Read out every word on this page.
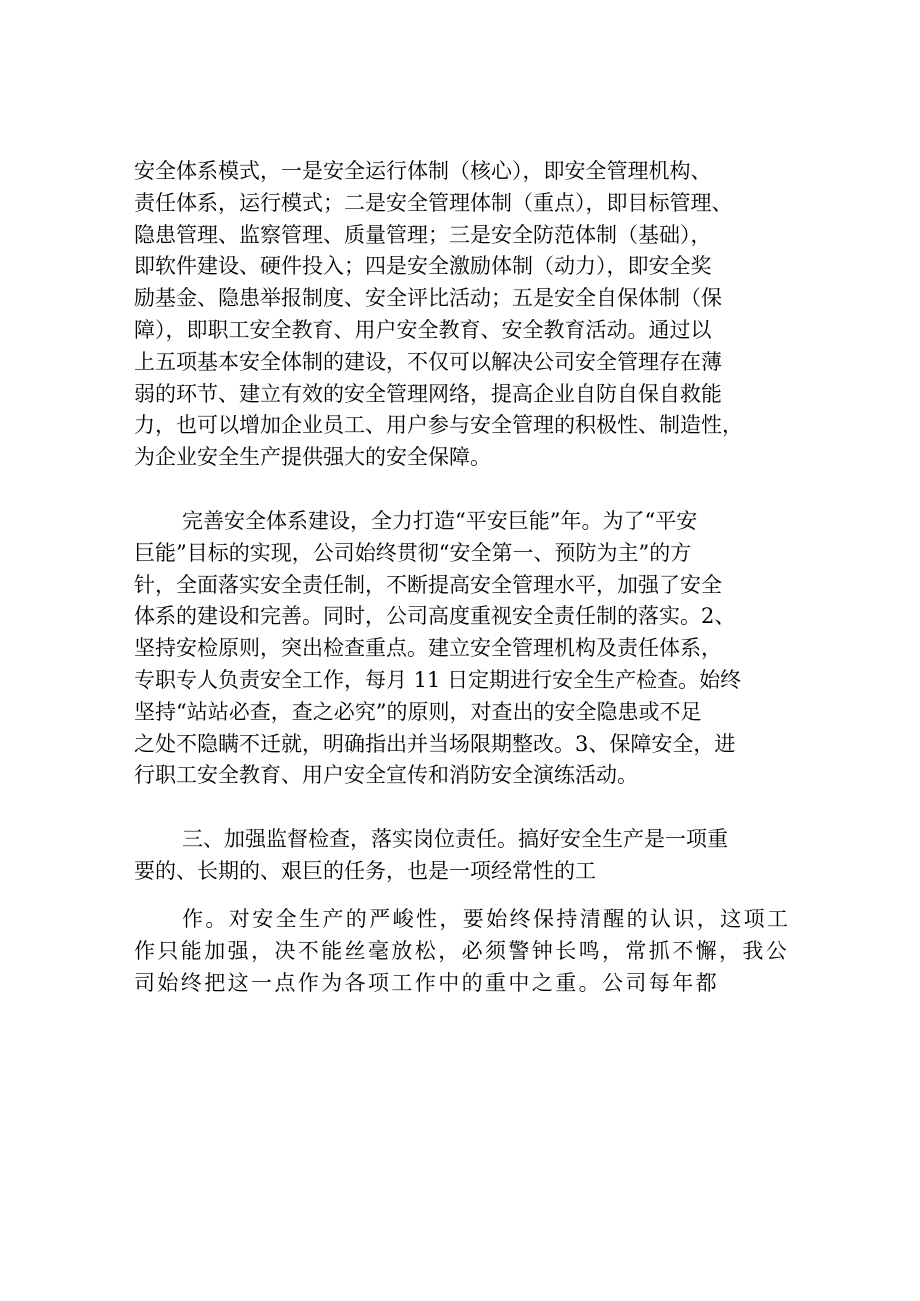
安全体系模式，一是安全运行体制（核心），即安全管理机构、
责任体系，运行模式；二是安全管理体制（重点），即目标管理、
隐患管理、监察管理、质量管理；三是安全防范体制（基础），
即软件建设、硬件投入；四是安全激励体制（动力），即安全奖
励基金、隐患举报制度、安全评比活动；五是安全自保体制（保
障），即职工安全教育、用户安全教育、安全教育活动。通过以
上五项基本安全体制的建设，不仅可以解决公司安全管理存在薄
弱的环节、建立有效的安全管理网络，提高企业自防自保自救能
力，也可以增加企业员工、用户参与安全管理的积极性、制造性，
为企业安全生产提供强大的安全保障。

完善安全体系建设，全力打造“平安巨能”年。为了“平安
巨能”目标的实现，公司始终贯彻“安全第一、预防为主”的方
针，全面落实安全责任制，不断提高安全管理水平，加强了安全
体系的建设和完善。同时，公司高度重视安全责任制的落实。2、
坚持安检原则，突出检查重点。建立安全管理机构及责任体系，
专职专人负责安全工作，每月 11 日定期进行安全生产检查。始终
坚持“站站必查，查之必究”的原则，对查出的安全隐患或不足
之处不隐瞒不迁就，明确指出并当场限期整改。3、保障安全，进
行职工安全教育、用户安全宣传和消防安全演练活动。

三、加强监督检查，落实岗位责任。搞好安全生产是一项重
要的、长期的、艰巨的任务，也是一项经常性的工

作。对安全生产的严峻性，要始终保持清醒的认识，这项工
作只能加强，决不能丝毫放松，必须警钟长鸣，常抓不懈，我公
司始终把这一点作为各项工作中的重中之重。公司每年都
